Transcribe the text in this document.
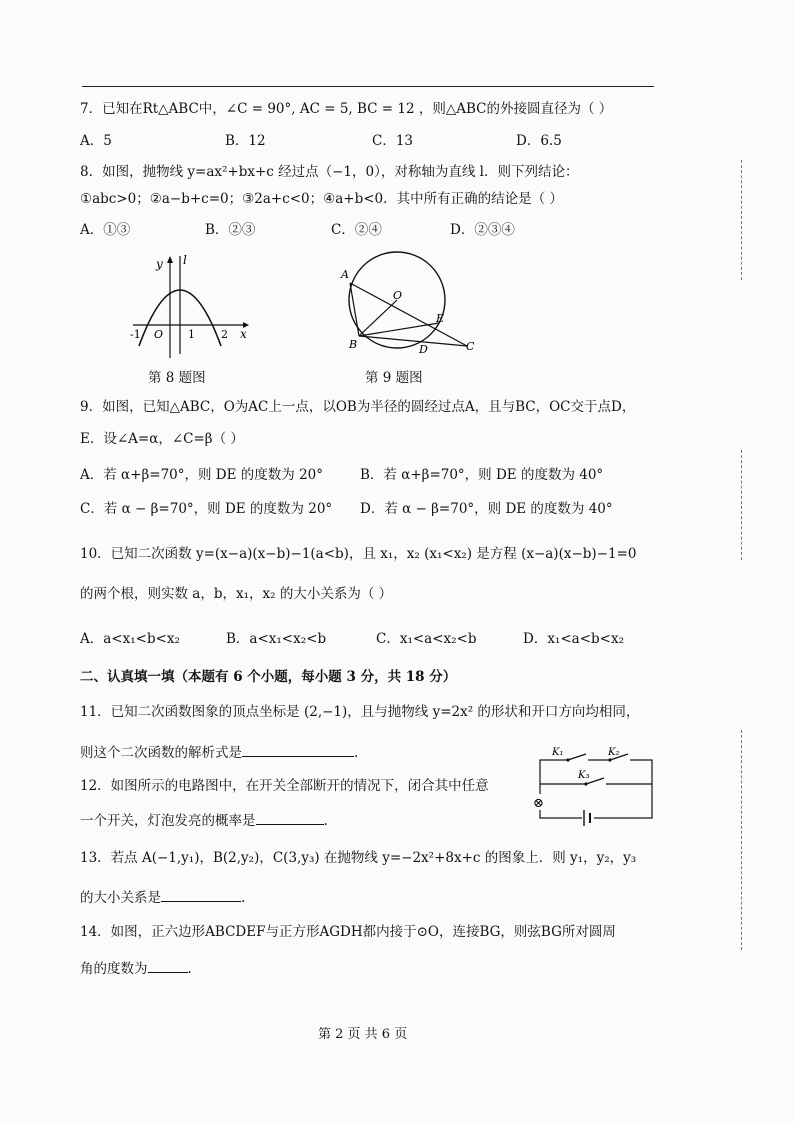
7．已知在Rt△ABC中，∠C = 90°, AC = 5, BC = 12 ，则△ABC的外接圆直径为（ ）
A．5	B．12	C．13	D．6.5
8．如图，抛物线 y=ax²+bx+c 经过点（−1，0），对称轴为直线 l．则下列结论：
①abc>0；②a−b+c=0；③2a+c<0；④a+b<0．其中所有正确的结论是（ ）
A．①③	B．②③	C．②④	D．②③④
y l
x
O
-1	1 2
第 8 题图
A
O
E
B	D	C
第 9 题图
9．如图，已知△ABC，O为AC上一点，以OB为半径的圆经过点A，且与BC，OC交于点D，
E．设∠A=α，∠C=β（ ）
A．若 α+β=70°，则 DE 的度数为 20°	B．若 α+β=70°，则 DE 的度数为 40°
C．若 α − β=70°，则 DE 的度数为 20° D．若 α − β=70°，则 DE 的度数为 40°
10．已知二次函数 y=(x−a)(x−b)−1(a<b)，且 x₁，x₂ (x₁<x₂) 是方程 (x−a)(x−b)−1=0
的两个根，则实数 a，b，x₁，x₂ 的大小关系为（ ）
A．a<x₁<b<x₂	B．a<x₁<x₂<b	C．x₁<a<x₂<b	D．x₁<a<b<x₂
二、认真填一填（本题有 6 个小题，每小题 3 分，共 18 分）
11．已知二次函数图象的顶点坐标是 (2,−1)，且与抛物线 y=2x² 的形状和开口方向均相同，
则这个二次函数的解析式是	.
⊗
K₁	K₂
K₃
12．如图所示的电路图中，在开关全部断开的情况下，闭合其中任意
一个开关，灯泡发亮的概率是	.
13．若点 A(−1,y₁)，B(2,y₂)，C(3,y₃) 在抛物线 y=−2x²+8x+c 的图象上．则 y₁，y₂，y₃
的大小关系是	.
14．如图，正六边形ABCDEF与正方形AGDH都内接于⊙O，连接BG，则弦BG所对圆周
角的度数为	.
第 2 页 共 6 页
